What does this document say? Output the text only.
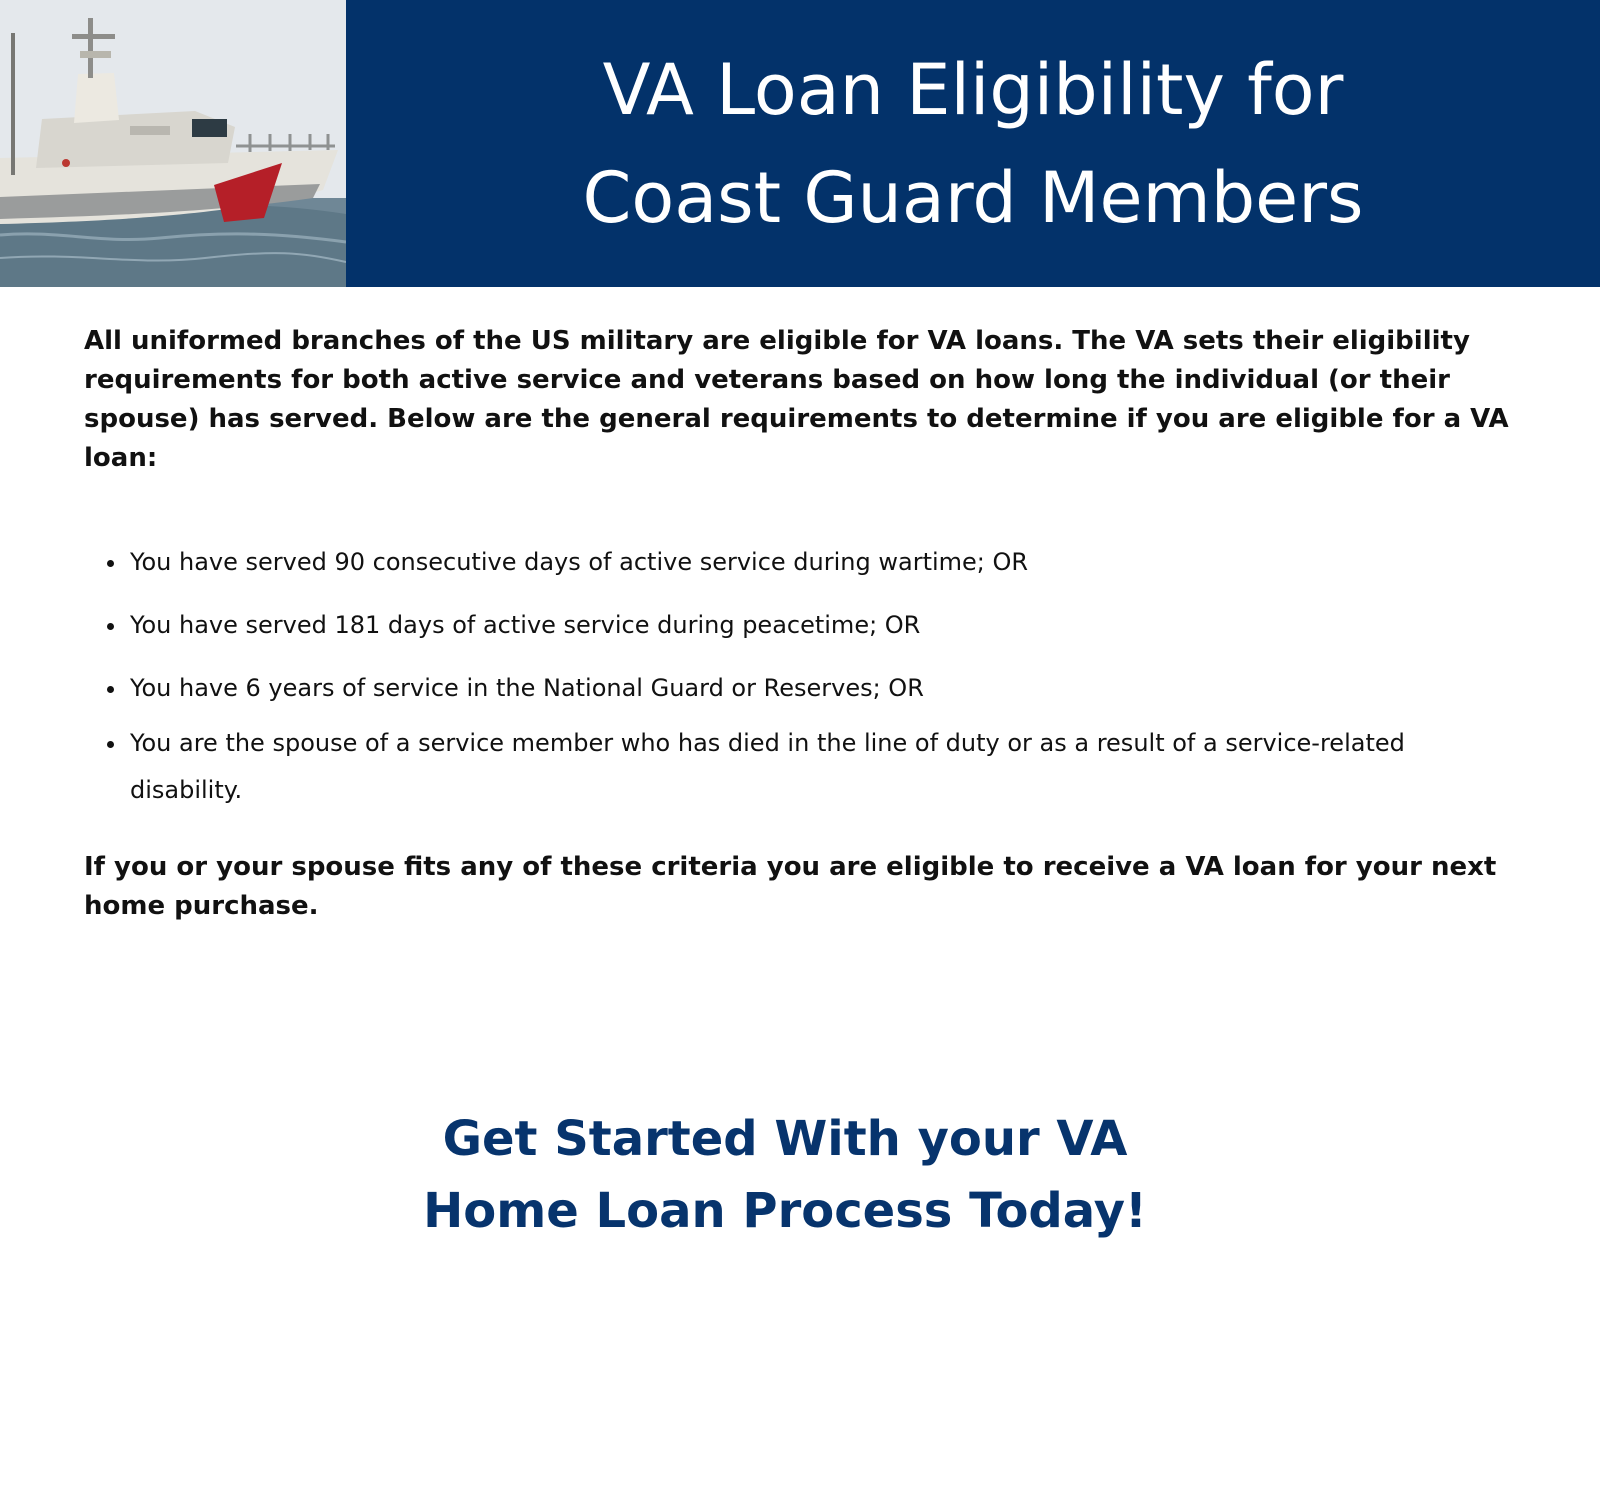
VA Loan Eligibility for
Coast Guard Members

All uniformed branches of the US military are eligible for VA loans. The VA sets their eligibility requirements for both active service and veterans based on how long the individual (or their spouse) has served. Below are the general requirements to determine if you are eligible for a VA loan:

• You have served 90 consecutive days of active service during wartime; OR
• You have served 181 days of active service during peacetime; OR
• You have 6 years of service in the National Guard or Reserves; OR
• You are the spouse of a service member who has died in the line of duty or as a result of a service-related disability.

If you or your spouse fits any of these criteria you are eligible to receive a VA loan for your next home purchase.

Get Started With your VA
Home Loan Process Today!
